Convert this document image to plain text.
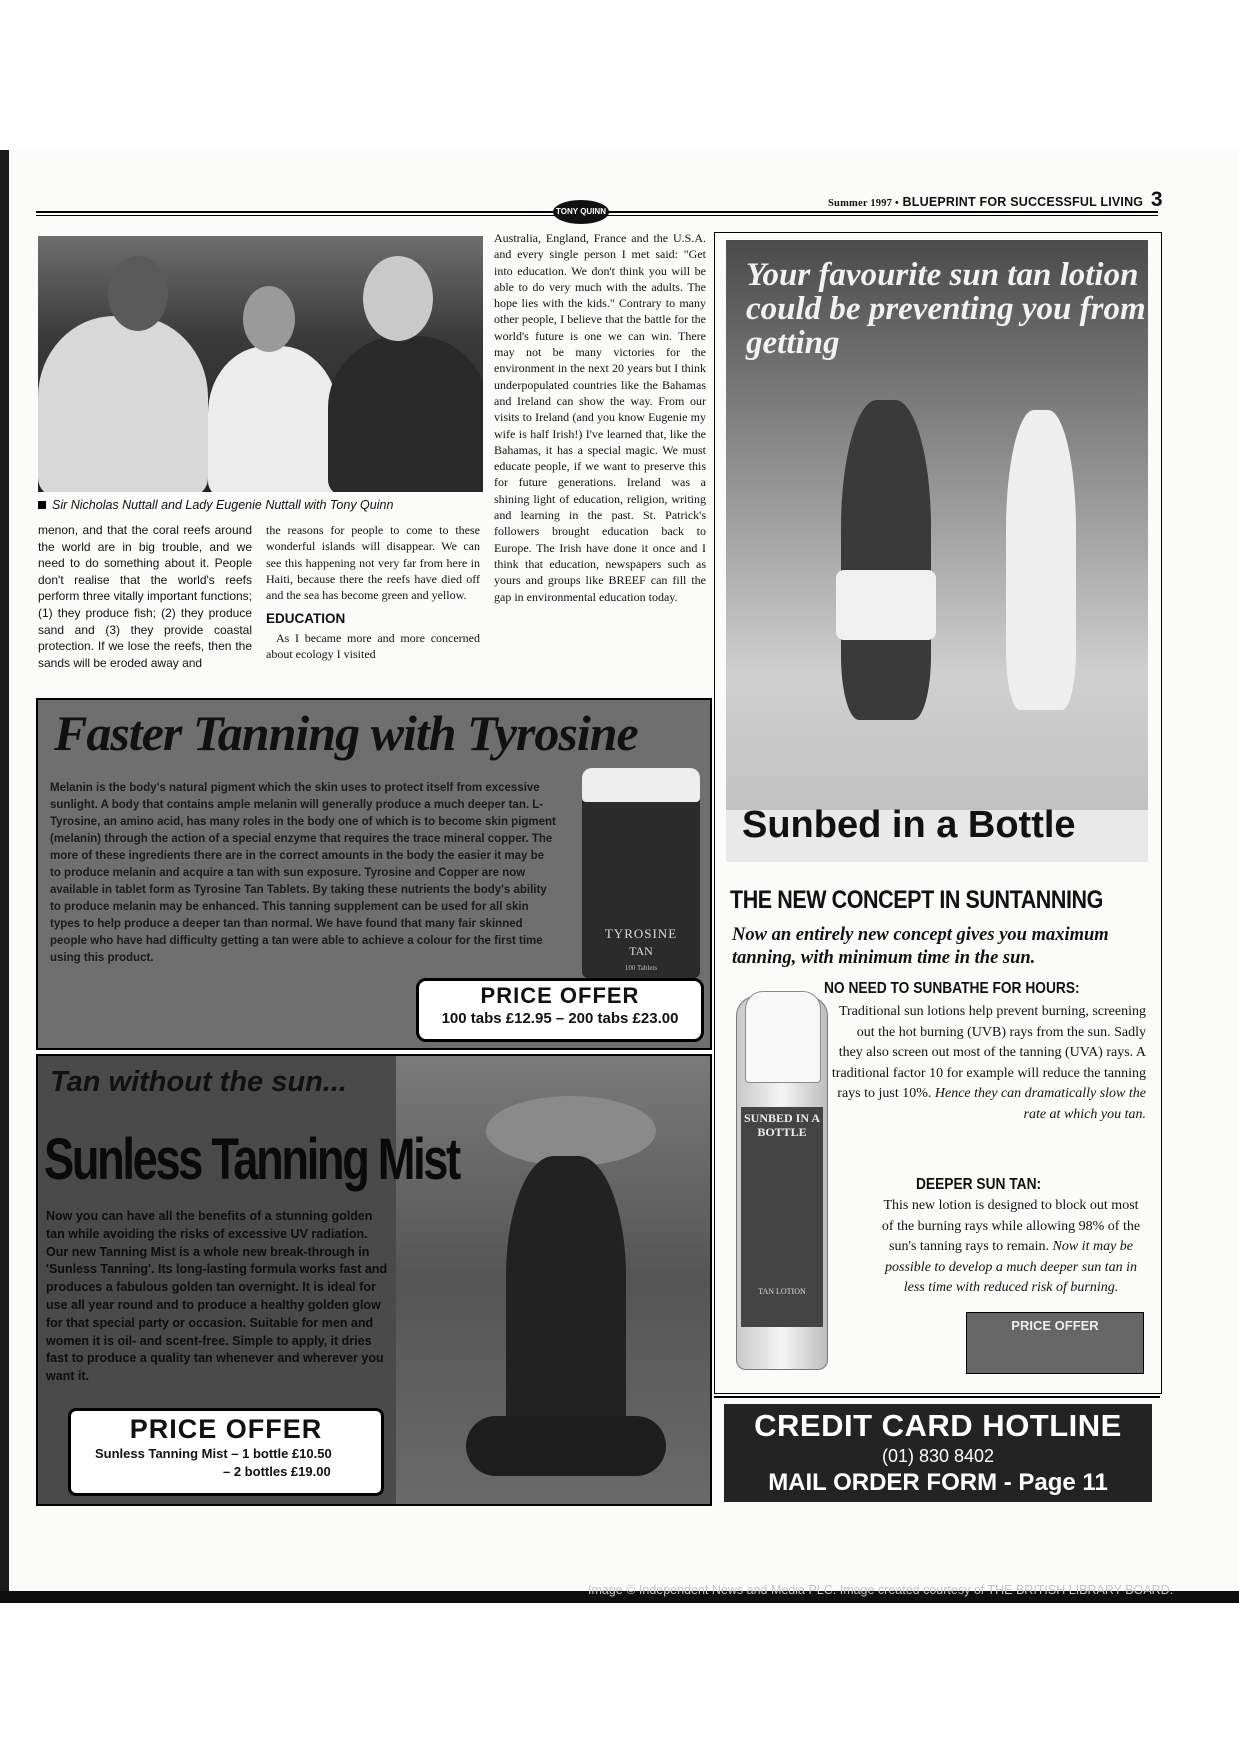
Summer 1997 • BLUEPRINT FOR SUCCESSFUL LIVING 3
TONY QUINN
Sir Nicholas Nuttall and Lady Eugenie Nuttall with Tony Quinn
menon, and that the coral reefs around the world are in big trouble, and we need to do something about it. People don't realise that the world's reefs perform three vitally important functions; (1) they produce fish; (2) they produce sand and (3) they provide coastal protection. If we lose the reefs, then the sands will be eroded away and
the reasons for people to come to these wonderful islands will disappear. We can see this happening not very far from here in Haiti, because there the reefs have died off and the sea has become green and yellow.
EDUCATION
As I became more and more concerned about ecology I visited
Australia, England, France and the U.S.A. and every single person I met said: "Get into education. We don't think you will be able to do very much with the adults. The hope lies with the kids." Contrary to many other people, I believe that the battle for the world's future is one we can win. There may not be many victories for the environment in the next 20 years but I think underpopulated countries like the Bahamas and Ireland can show the way. From our visits to Ireland (and you know Eugenie my wife is half Irish!) I've learned that, like the Bahamas, it has a special magic. We must educate people, if we want to preserve this for future generations. Ireland was a shining light of education, religion, writing and learning in the past. St. Patrick's followers brought education back to Europe. The Irish have done it once and I think that education, newspapers such as yours and groups like BREEF can fill the gap in environmental education today.
Faster Tanning with Tyrosine
Melanin is the body's natural pigment which the skin uses to protect itself from excessive sunlight. A body that contains ample melanin will generally produce a much deeper tan. L-Tyrosine, an amino acid, has many roles in the body one of which is to become skin pigment (melanin) through the action of a special enzyme that requires the trace mineral copper. The more of these ingredients there are in the correct amounts in the body the easier it may be to produce melanin and acquire a tan with sun exposure. Tyrosine and Copper are now available in tablet form as Tyrosine Tan Tablets. By taking these nutrients the body's ability to produce melanin may be enhanced. This tanning supplement can be used for all skin types to help produce a deeper tan than normal. We have found that many fair skinned people who have had difficulty getting a tan were able to achieve a colour for the first time using this product.
TYROSINE
TAN
100 Tablets
PRICE OFFER
100 tabs £12.95 – 200 tabs £23.00
Tan without the sun...
Sunless Tanning Mist
Now you can have all the benefits of a stunning golden tan while avoiding the risks of excessive UV radiation. Our new Tanning Mist is a whole new break-through in 'Sunless Tanning'. Its long-lasting formula works fast and produces a fabulous golden tan overnight. It is ideal for use all year round and to produce a healthy golden glow for that special party or occasion. Suitable for men and women it is oil- and scent-free. Simple to apply, it dries fast to produce a quality tan whenever and wherever you want it.
PRICE OFFER
Sunless Tanning Mist – 1 bottle £10.50
– 2 bottles £19.00
Your favourite sun tan lotion could be preventing you from getting
Sunbed in a Bottle
THE NEW CONCEPT IN SUNTANNING
Now an entirely new concept gives you maximum tanning, with minimum time in the sun.
SUNBED IN A BOTTLE
TAN LOTION
NO NEED TO SUNBATHE FOR HOURS:
Traditional sun lotions help prevent burning, screening out the hot burning (UVB) rays from the sun. Sadly they also screen out most of the tanning (UVA) rays. A traditional factor 10 for example will reduce the tanning rays to just 10%. Hence they can dramatically slow the rate at which you tan.
DEEPER SUN TAN:
This new lotion is designed to block out most of the burning rays while allowing 98% of the sun's tanning rays to remain. Now it may be possible to develop a much deeper sun tan in less time with reduced risk of burning.
PRICE OFFER
CREDIT CARD HOTLINE
(01) 830 8402
MAIL ORDER FORM - Page 11
Image © Independent News and Media PLC. Image created courtesy of THE BRITISH LIBRARY BOARD.
